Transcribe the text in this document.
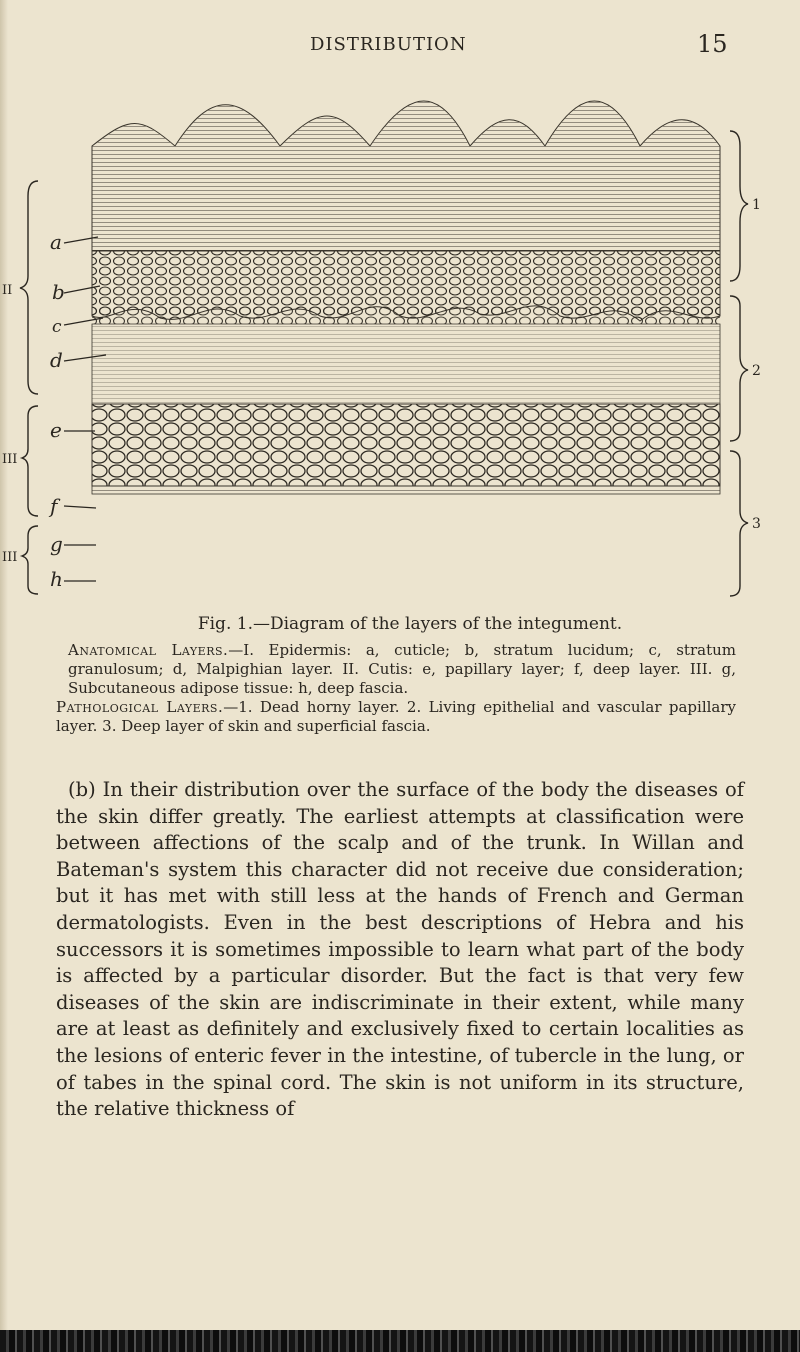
DISTRIBUTION	15
II
III
III
a
b
c
d
e
f
g
h
1
2
3
Fig. 1.—Diagram of the layers of the integument.

Anatomical Layers.—I. Epidermis: a, cuticle; b, stratum lucidum; c, stratum granulosum; d, Malpighian layer. II. Cutis: e, papillary layer; f, deep layer. III. g, Subcutaneous adipose tissue: h, deep fascia.

Pathological Layers.—1. Dead horny layer. 2. Living epithelial and vascular papillary layer. 3. Deep layer of skin and superficial fascia.

(b) In their distribution over the surface of the body the diseases of the skin differ greatly. The earliest attempts at classification were between affections of the scalp and of the trunk. In Willan and Bateman's system this character did not receive due consideration; but it has met with still less at the hands of French and German dermatologists. Even in the best descriptions of Hebra and his successors it is sometimes impossible to learn what part of the body is affected by a particular disorder. But the fact is that very few diseases of the skin are indiscriminate in their extent, while many are at least as definitely and exclusively fixed to certain localities as the lesions of enteric fever in the intestine, of tubercle in the lung, or of tabes in the spinal cord. The skin is not uniform in its structure, the relative thickness of
